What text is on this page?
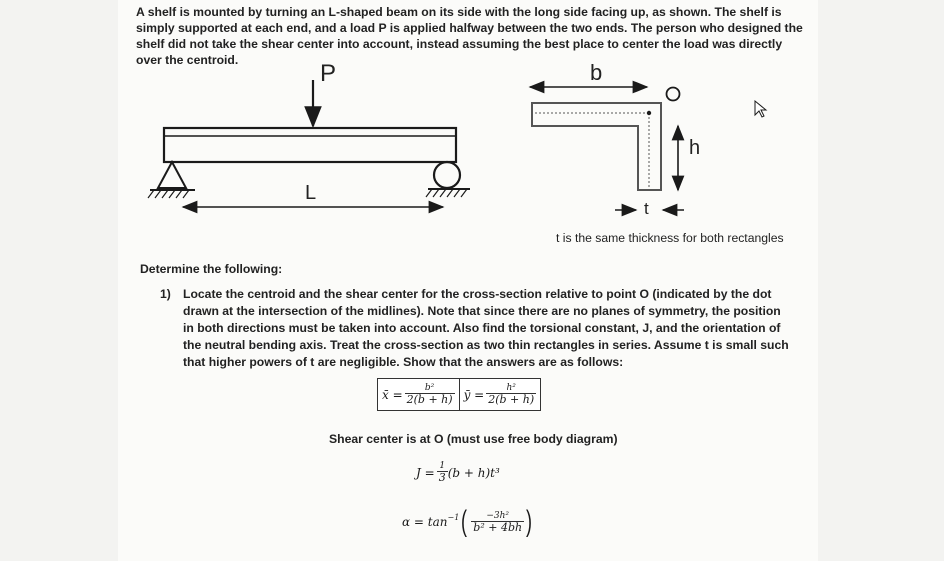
A shelf is mounted by turning an L-shaped beam on its side with the long side facing up, as shown. The shelf is simply supported at each end, and a load P is applied halfway between the two ends. The person who designed the shelf did not take the shear center into account, instead assuming the best place to center the load was directly over the centroid.	P
L
b
h
t
t is the same thickness for both rectangles
Determine the following:
1) Locate the centroid and the shear center for the cross-section relative to point O (indicated by the dot drawn at the intersection of the midlines). Note that since there are no planes of symmetry, the position in both directions must be taken into account. Also find the torsional constant, J, and the orientation of the neutral bending axis. Treat the cross-section as two thin rectangles in series. Assume t is small such that higher powers of t are negligible. Show that the answers are as follows:
x̄ = $\frac{\text{b²}}{2(b + h)}$ ȳ = $\frac{\text{h²}}{2(b + h)}$
Shear center is at O (must use free body diagram)
$J = \frac{1}{3} (b + h)t^3$
$\alpha = \tan^{-1}$ ( $\frac{\text{−3h²}}{\text{b² + 4bh}}$ )
